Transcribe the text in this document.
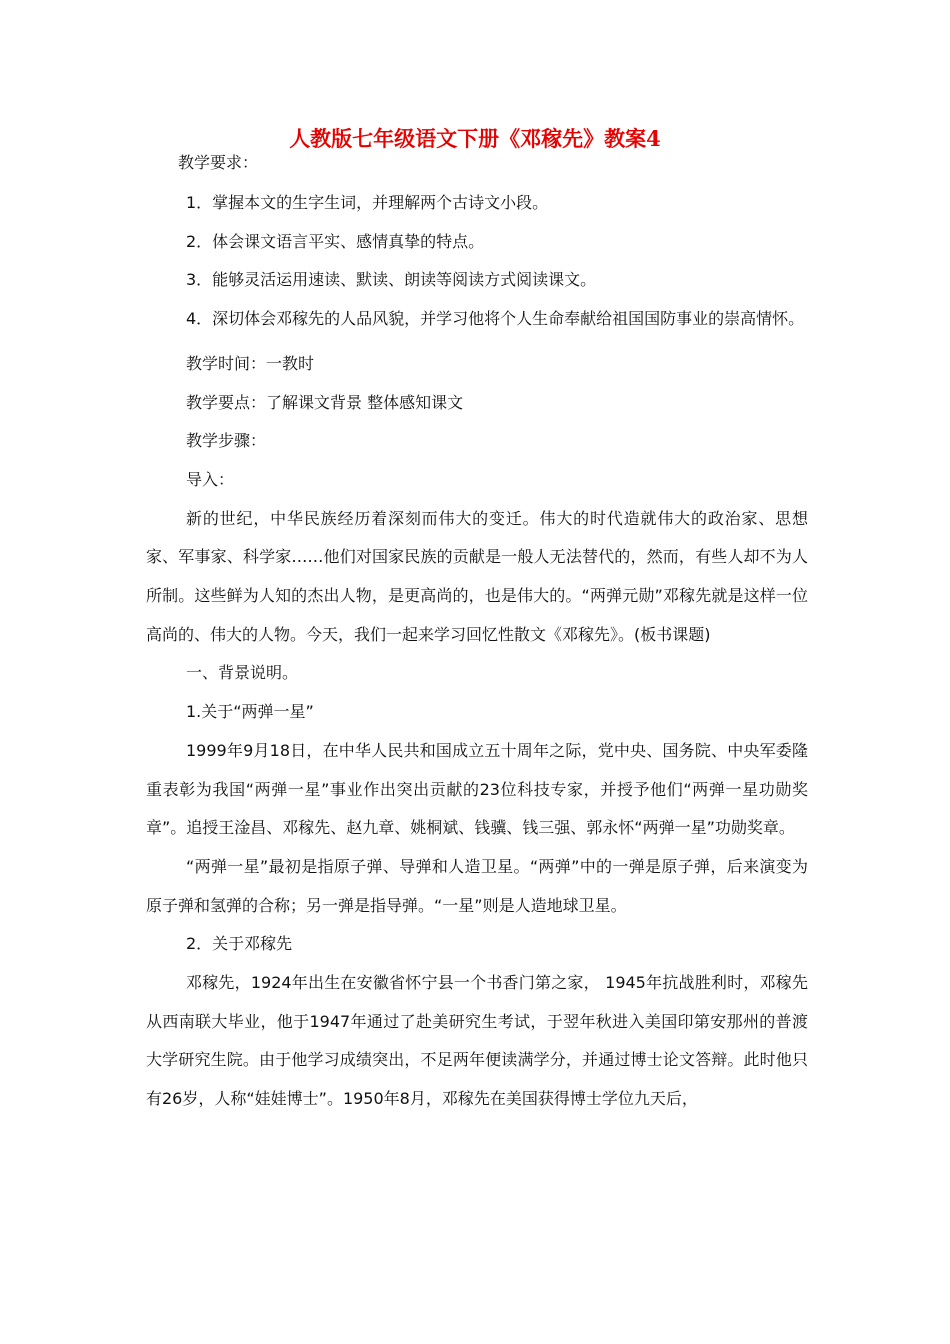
人教版七年级语文下册《邓稼先》教案4

教学要求：

1．掌握本文的生字生词，并理解两个古诗文小段。

2．体会课文语言平实、感情真挚的特点。

3．能够灵活运用速读、默读、朗读等阅读方式阅读课文。

4．深切体会邓稼先的人品风貌，并学习他将个人生命奉献给祖国国防事业的崇高情怀。

教学时间：一教时

教学要点：了解课文背景 整体感知课文

教学步骤：

导入：

新的世纪，中华民族经历着深刻而伟大的变迁。伟大的时代造就伟大的政治家、思想家、军事家、科学家……他们对国家民族的贡献是一般人无法替代的，然而，有些人却不为人所制。这些鲜为人知的杰出人物，是更高尚的，也是伟大的。“两弹元勋”邓稼先就是这样一位高尚的、伟大的人物。今天，我们一起来学习回忆性散文《邓稼先》。(板书课题)

一、背景说明。

1.关于“两弹一星”

1999年9月18日，在中华人民共和国成立五十周年之际，党中央、国务院、中央军委隆重表彰为我国“两弹一星”事业作出突出贡献的23位科技专家，并授予他们“两弹一星功勋奖章”。追授王淦昌、邓稼先、赵九章、姚桐斌、钱骥、钱三强、郭永怀“两弹一星”功勋奖章。

“两弹一星”最初是指原子弹、导弹和人造卫星。“两弹”中的一弹是原子弹，后来演变为原子弹和氢弹的合称；另一弹是指导弹。“一星”则是人造地球卫星。

2．关于邓稼先

邓稼先，1924年出生在安徽省怀宁县一个书香门第之家， 1945年抗战胜利时，邓稼先从西南联大毕业，他于1947年通过了赴美研究生考试，于翌年秋进入美国印第安那州的普渡大学研究生院。由于他学习成绩突出，不足两年便读满学分，并通过博士论文答辩。此时他只有26岁，人称“娃娃博士”。1950年8月，邓稼先在美国获得博士学位九天后，
